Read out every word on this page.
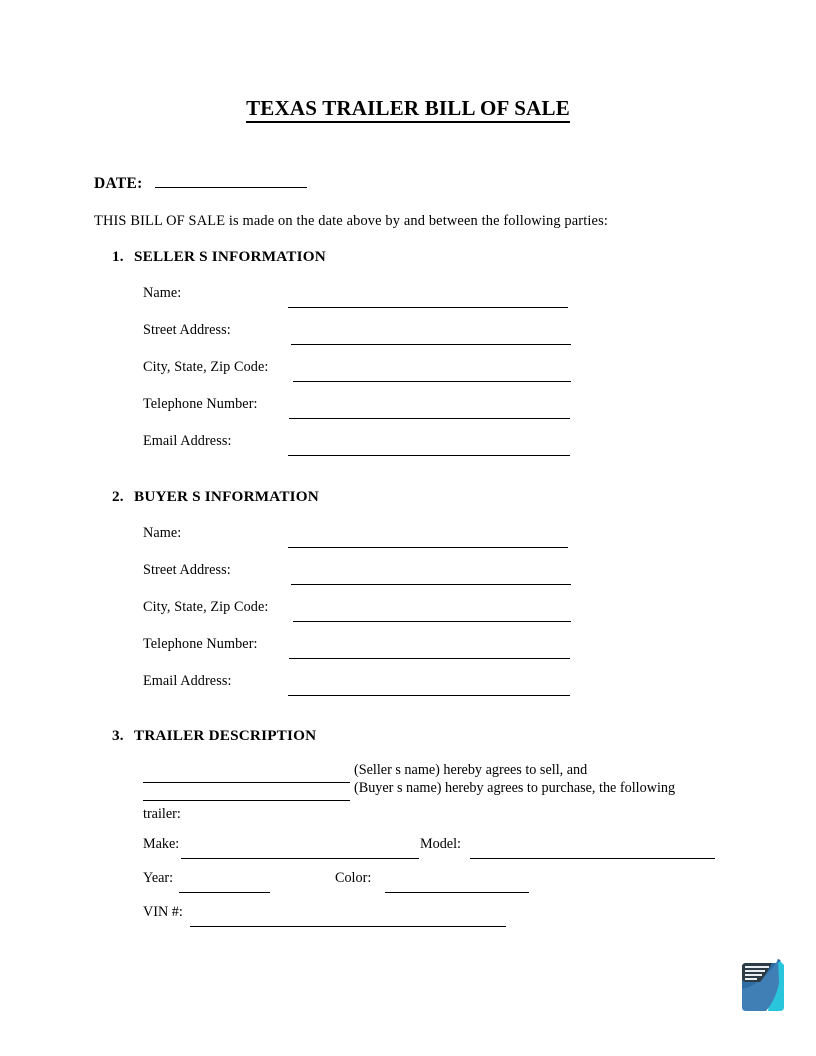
TEXAS TRAILER BILL OF SALE
DATE:
THIS BILL OF SALE is made on the date above by and between the following parties:
1. SELLER S INFORMATION
Name:
Street Address:
City, State, Zip Code:
Telephone Number:
Email Address:
2. BUYER S INFORMATION
Name:
Street Address:
City, State, Zip Code:
Telephone Number:
Email Address:
3. TRAILER DESCRIPTION
(Seller s name) hereby agrees to sell, and
(Buyer s name) hereby agrees to purchase, the following
trailer:
Make:	Model:
Year:	Color:
VIN #:
